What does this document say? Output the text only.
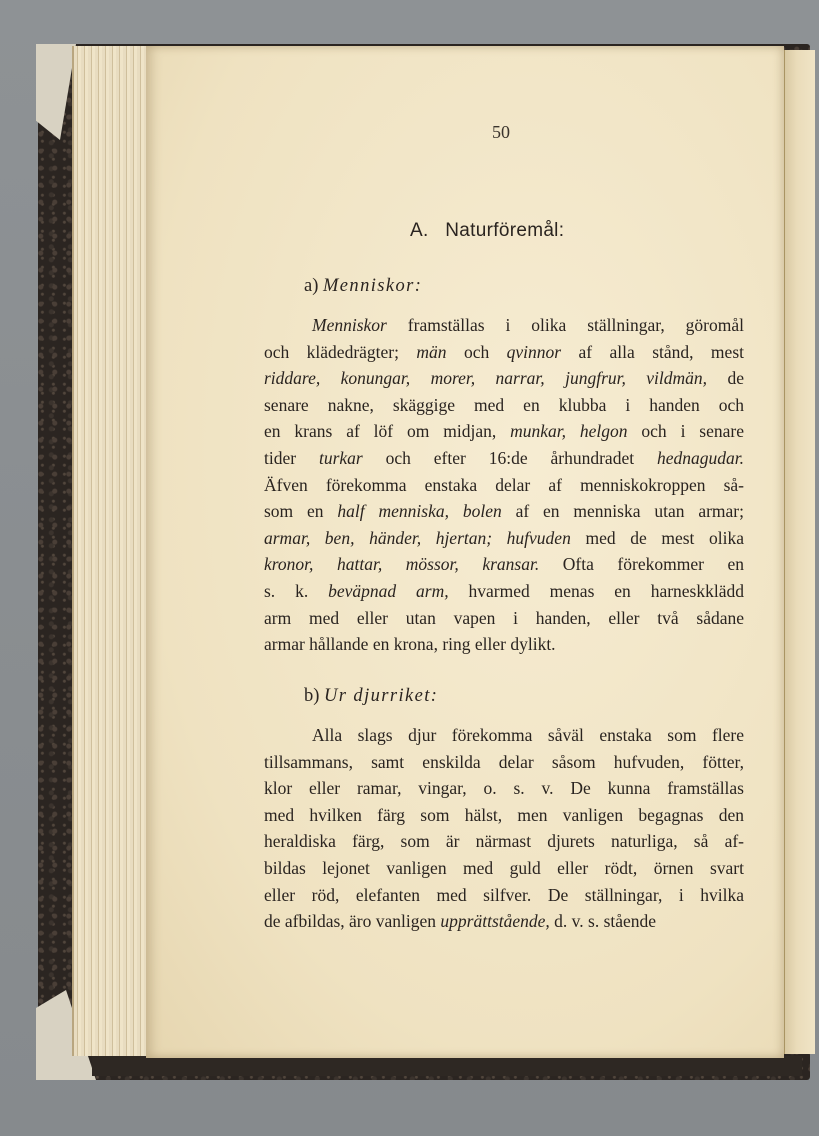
50
A.   Naturföremål:
a) Menniskor:
Menniskor framställas i olika ställningar, göromål
och klädedrägter; män och qvinnor af alla stånd, mest
riddare, konungar, morer, narrar, jungfrur, vildmän, de
senare nakne, skäggige med en klubba i handen och
en krans af löf om midjan, munkar, helgon och i senare
tider turkar och efter 16:de århundradet hednagudar.
Äfven förekomma enstaka delar af menniskokroppen så-
som en half menniska, bolen af en menniska utan armar;
armar, ben, händer, hjertan; hufvuden med de mest olika
kronor, hattar, mössor, kransar. Ofta förekommer en
s. k. beväpnad arm, hvarmed menas en harneskklädd
arm med eller utan vapen i handen, eller två sådane
armar hållande en krona, ring eller dylikt.
b) Ur djurriket:
Alla slags djur förekomma såväl enstaka som flere
tillsammans, samt enskilda delar såsom hufvuden, fötter,
klor eller ramar, vingar, o. s. v. De kunna framställas
med hvilken färg som hälst, men vanligen begagnas den
heraldiska färg, som är närmast djurets naturliga, så af-
bildas lejonet vanligen med guld eller rödt, örnen svart
eller röd, elefanten med silfver. De ställningar, i hvilka
de afbildas, äro vanligen upprättstående, d. v. s. stående
